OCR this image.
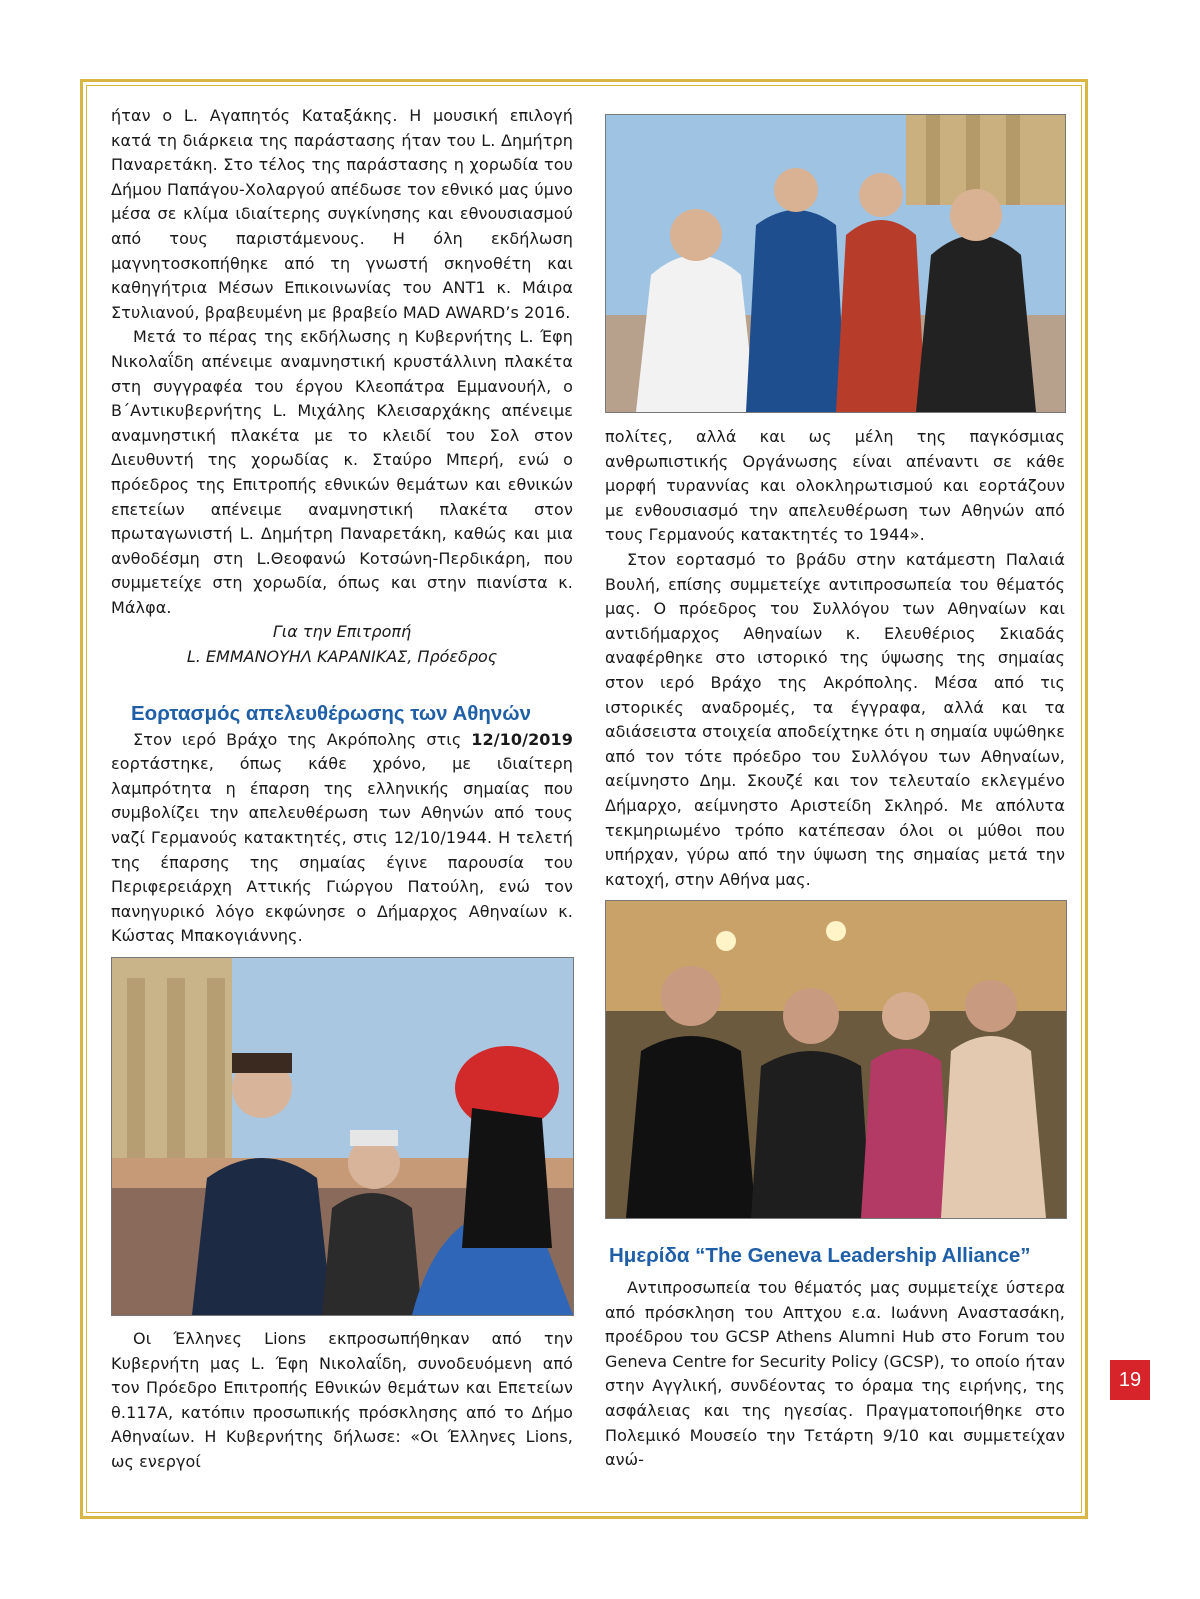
ήταν ο L. Αγαπητός Καταξάκης. Η μουσική επιλογή κατά τη διάρκεια της παράστασης ήταν του L. Δημήτρη Παναρετάκη. Στο τέλος της παράστασης η χορωδία του Δήμου Παπάγου-Χολαργού απέδωσε τον εθνικό μας ύμνο μέσα σε κλίμα ιδιαίτερης συγκίνησης και εθνουσιασμού από τους παριστάμενους. Η όλη εκδήλωση μαγνητοσκοπήθηκε από τη γνωστή σκηνοθέτη και καθηγήτρια Μέσων Επικοινωνίας του ΑΝΤ1 κ. Μάιρα Στυλιανού, βραβευμένη με βραβείο MAD AWARD’s 2016.

Μετά το πέρας της εκδήλωσης η Κυβερνήτης L. Έφη Νικολαΐδη απένειμε αναμνηστική κρυστάλλινη πλακέτα στη συγγραφέα του έργου Κλεοπάτρα Εμμανουήλ, ο Β΄Αντικυβερνήτης L. Μιχάλης Κλεισαρχάκης απένειμε αναμνηστική πλακέτα με το κλειδί του Σολ στον Διευθυντή της χορωδίας κ. Σταύρο Μπερή, ενώ ο πρόεδρος της Επιτροπής εθνικών θεμάτων και εθνικών επετείων απένειμε αναμνηστική πλακέτα στον πρωταγωνιστή L. Δημήτρη Παναρετάκη, καθώς και μια ανθοδέσμη στη L.Θεοφανώ Κοτσώνη-Περδικάρη, που συμμετείχε στη χορωδία, όπως και στην πιανίστα κ. Μάλφα.

Για την Επιτροπή

L. ΕΜΜΑΝΟΥΗΛ ΚΑΡΑΝΙΚΑΣ, Πρόεδρος

Εορτασμός απελευθέρωσης των Αθηνών

Στον ιερό Βράχο της Ακρόπολης στις 12/10/2019 εορτάστηκε, όπως κάθε χρόνο, με ιδιαίτερη λαμπρότητα η έπαρση της ελληνικής σημαίας που συμβολίζει την απελευθέρωση των Αθηνών από τους ναζί Γερμανούς κατακτητές, στις 12/10/1944. Η τελετή της έπαρσης της σημαίας έγινε παρουσία του Περιφερειάρχη Αττικής Γιώργου Πατούλη, ενώ τον πανηγυρικό λόγο εκφώνησε ο Δήμαρχος Αθηναίων κ. Κώστας Μπακογιάννης.

Οι Έλληνες Lions εκπροσωπήθηκαν από την Κυβερνήτη μας L. Έφη Νικολαΐδη, συνοδευόμενη από τον Πρόεδρο Επιτροπής Εθνικών θεμάτων και Επετείων θ.117Α, κατόπιν προσωπικής πρόσκλησης από το Δήμο Αθηναίων. Η Κυβερνήτης δήλωσε: «Οι Έλληνες Lions, ως ενεργοί

πολίτες, αλλά και ως μέλη της παγκόσμιας ανθρωπιστικής Οργάνωσης είναι απέναντι σε κάθε μορφή τυραννίας και ολοκληρωτισμού και εορτάζουν με ενθουσιασμό την απελευθέρωση των Αθηνών από τους Γερμανούς κατακτητές το 1944».

Στον εορτασμό το βράδυ στην κατάμεστη Παλαιά Βουλή, επίσης συμμετείχε αντιπροσωπεία του θέματός μας. Ο πρόεδρος του Συλλόγου των Αθηναίων και αντιδήμαρχος Αθηναίων κ. Ελευθέριος Σκιαδάς αναφέρθηκε στο ιστορικό της ύψωσης της σημαίας στον ιερό Βράχο της Ακρόπολης. Μέσα από τις ιστορικές αναδρομές, τα έγγραφα, αλλά και τα αδιάσειστα στοιχεία αποδείχτηκε ότι η σημαία υψώθηκε από τον τότε πρόεδρο του Συλλόγου των Αθηναίων, αείμνηστο Δημ. Σκουζέ και τον τελευταίο εκλεγμένο Δήμαρχο, αείμνηστο Αριστείδη Σκληρό. Με απόλυτα τεκμηριωμένο τρόπο κατέπεσαν όλοι οι μύθοι που υπήρχαν, γύρω από την ύψωση της σημαίας μετά την κατοχή, στην Αθήνα μας.

Ημερίδα “The Geneva Leadership Alliance”

Αντιπροσωπεία του θέματός μας συμμετείχε ύστερα από πρόσκληση του Απτχου ε.α. Ιωάννη Αναστασάκη, προέδρου του GCSP Athens Alumni Hub στο Forum του Geneva Centre for Security Policy (GCSP), το οποίο ήταν στην Αγγλική, συνδέοντας το όραμα της ειρήνης, της ασφάλειας και της ηγεσίας. Πραγματοποιήθηκε στο Πολεμικό Μουσείο την Τετάρτη 9/10 και συμμετείχαν ανώ-

19
